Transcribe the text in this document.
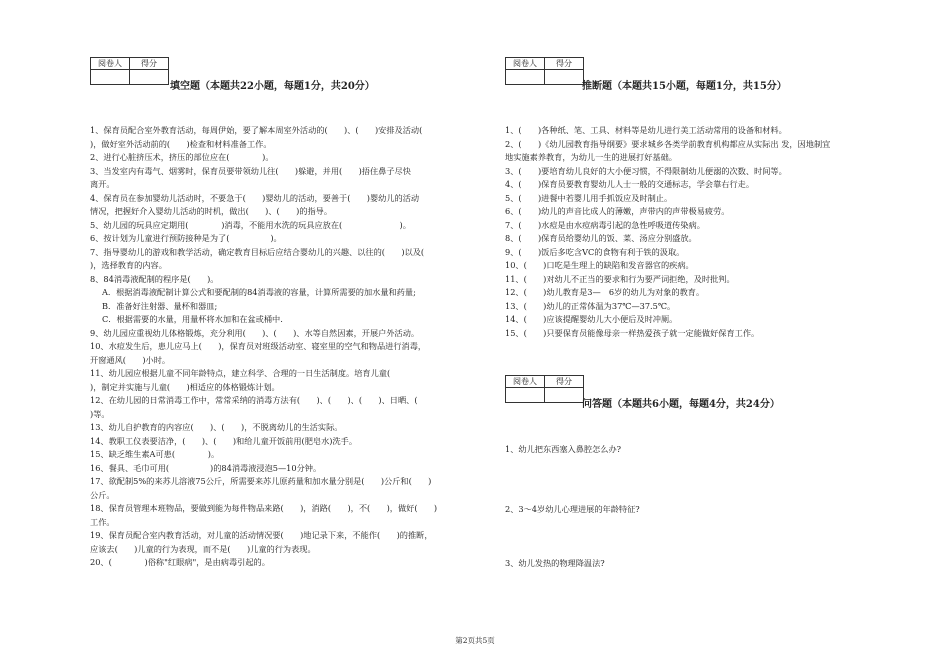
阅卷人	得分

填空题（本题共22小题，每题1分，共20分）

1、保育员配合室外教育活动，每周伊始，要了解本周室外活动的(　　)、(　　)安排及活动(

)，做好室外活动前的(　　)检查和材料准备工作。

2、进行心脏挤压术，挤压的部位应在(　　　　)。

3、当发室内有毒气、烟雾时，保育员要带领幼儿往(　　)躲避，并用(　　)捂住鼻子尽快

离开。

4、保育员在参加婴幼儿活动时，不要急于(　　)婴幼儿的活动，要善于(　　)婴幼儿的活动

情况，把握好介入婴幼儿活动的时机，做出(　　)、(　　)的指导。

5、幼儿园的玩具应定期用(　　　　)消毒，不能用水洗的玩具应放在(　　　　　　　)。

6、按计划为儿童进行预防接种是为了(　　　　　)。

7、指导婴幼儿的游戏和教学活动，确定教育目标后应结合婴幼儿的兴趣、以往的(　　)以及(

)，选择教育的内容。

8、84消毒液配制的程序是(　　)。

A．根据消毒液配制计算公式和要配制的84消毒液的容量，计算所需要的加水量和药量;

B．准备好注射器、量杯和器皿;

C．根据需要的水量，用量杯将水加和在盆或桶中.

9、幼儿园应重视幼儿体格锻炼，充分利用(　　)、(　　)、水等自然因素，开展户外活动。

10、水痘发生后，患儿应马上(　　)，保育员对班级活动室、寝室里的空气和物品进行消毒，

开窗通风(　　)小时。

11、幼儿园应根据儿童不同年龄特点，建立科学、合理的一日生活制度。培育儿童(　　　　

)，制定并实施与儿童(　　)相适应的体格锻炼计划。

12、在幼儿园的日常消毒工作中，常常采纳的消毒方法有(　　)、(　　)、(　　)、日晒、(　　

)等。

13、幼儿自护教育的内容应(　　)、(　　)，不脱离幼儿的生活实际。

14、教职工仪表要洁净，(　　)、(　　)和给儿童开饭前用(肥皂水)洗手。

15、缺乏维生素A可患(　　　　)。

16、餐具、毛巾可用(　　　　　)的84消毒液浸泡5—10分钟。

17、欲配制5%的来苏儿溶液75公斤，所需要来苏儿原药量和加水量分别是(　　)公斤和(　　)

公斤。

18、保育员管理本班物品，要做到能为每件物品来路(　　)，消路(　　)，不(　　)，做好(　　)

工作。

19、保育员配合室内教育活动，对儿童的活动情况要(　　)地记录下来，不能作(　　)的推断，

应该去(　　)儿童的行为表现，而不是(　　)儿童的行为表现。

20、(　　　　)俗称"红眼病"，是由病毒引起的。

阅卷人	得分

推断题（本题共15小题，每题1分，共15分）

1、(　　)各种纸、笔、工具、材料等是幼儿进行美工活动常用的设备和材料。

2、(　　)《幼儿园教育指导纲要》要求城乡各类学前教育机构都应从实际出 发，因地制宜

地实施素养教育，为幼儿一生的进展打好基础。

3、(　　)要培育幼儿良好的大小便习惯，不得限制幼儿便溺的次数、时间等。

4、(　　)保育员要教育婴幼儿人士一般的交通标志，学会靠右行走。

5、(　　)进餐中若婴儿用手抓饭应及时制止。

6、(　　)幼儿的声音比成人的薄嫩，声带内的声带极易疲劳。

7、(　　)水痘是由水痘病毒引起的急性呼吸道传染病。

8、(　　)保育员给婴幼儿的饭、菜、汤应分别盛放。

9、(　　)饭后多吃含VC的食物有利于铁的汲取。

10、(　　)口吃是生理上的缺陷和发音器官的疾病。

11、(　　)对幼儿不正当的要求和行为要严词拒绝，及时批判。

12、(　　)幼儿教育是3—　6岁的幼儿为对象的教育。

13、(　　)幼儿的正常体温为37℃—37.5℃。

14、(　　)应该提醒婴幼儿大小便后及时冲厕。

15、(　　)只要保育员能像母亲一样热爱孩子就一定能做好保育工作。

阅卷人	得分

问答题（本题共6小题，每题4分，共24分）

1、幼儿把东西塞入鼻腔怎么办?

2、3～4岁幼儿心理进展的年龄特征?

3、幼儿发热的物理降温法?

第2页共5页
